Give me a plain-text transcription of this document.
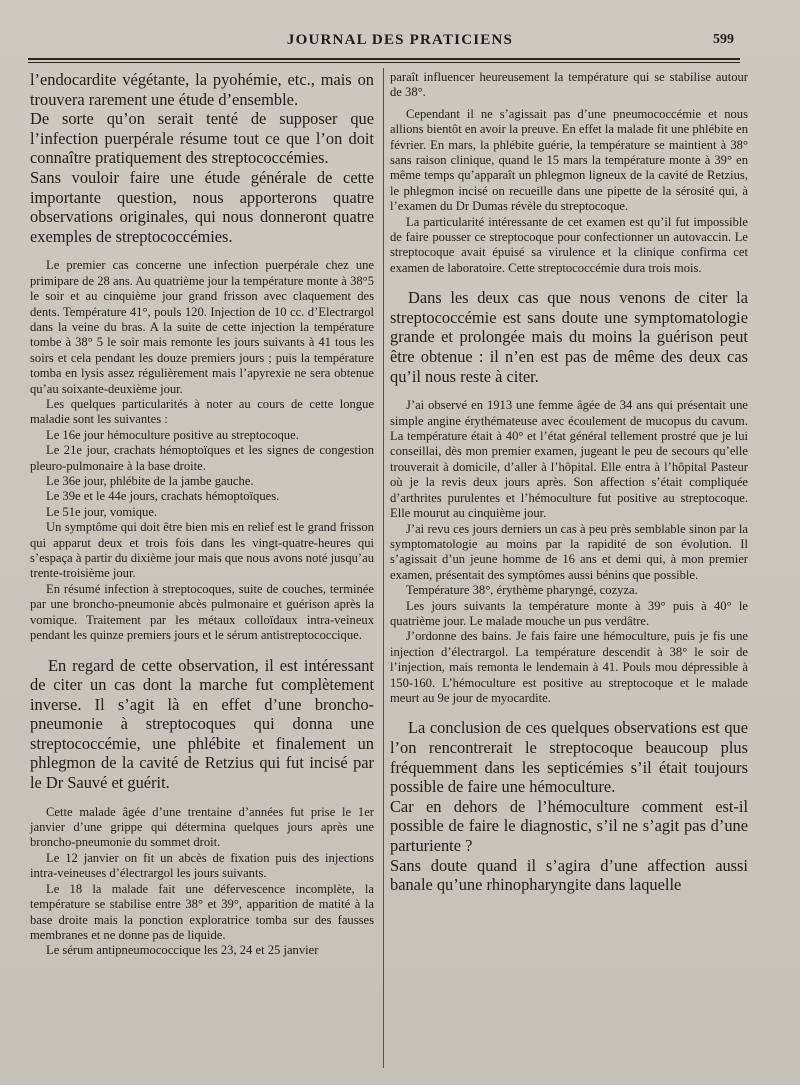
JOURNAL DES PRATICIENS	599

l’endocardite végétante, la pyohémie, etc., mais on trouvera rarement une étude d’ensemble.

De sorte qu’on serait tenté de supposer que l’infection puerpérale résume tout ce que l’on doit connaître pratiquement des streptococcémies.

Sans vouloir faire une étude générale de cette importante question, nous apporterons quatre observations originales, qui nous donneront quatre exemples de streptococcémies.

Le premier cas concerne une infection puerpérale chez une primipare de 28 ans. Au quatrième jour la température monte à 38°5 le soir et au cinquième jour grand frisson avec claquement des dents. Température 41°, pouls 120. Injection de 10 cc. d’Electrargol dans la veine du bras. A la suite de cette injection la température tombe à 38° 5 le soir mais remonte les jours suivants à 41 tous les soirs et cela pendant les douze premiers jours ; puis la température tomba en lysis assez régulièrement mais l’apyrexie ne sera obtenue qu’au soixante-deuxième jour.

Les quelques particularités à noter au cours de cette longue maladie sont les suivantes :

Le 16e jour hémoculture positive au streptocoque.

Le 21e jour, crachats hémoptoïques et les signes de congestion pleuro-pulmonaire à la base droite.

Le 36e jour, phlébite de la jambe gauche.

Le 39e et le 44e jours, crachats hémoptoïques.

Le 51e jour, vomique.

Un symptôme qui doit être bien mis en relief est le grand frisson qui apparut deux et trois fois dans les vingt-quatre-heures qui s’espaça à partir du dixième jour mais que nous avons noté jusqu’au trente-troisième jour.

En résumé infection à streptocoques, suite de couches, terminée par une broncho-pneumonie abcès pulmonaire et guérison après la vomique. Traitement par les métaux colloïdaux intra-veineux pendant les quinze premiers jours et le sérum antistreptococcique.

En regard de cette observation, il est intéressant de citer un cas dont la marche fut complètement inverse. Il s’agit là en effet d’une broncho-pneumonie à streptocoques qui donna une streptococcémie, une phlébite et finalement un phlegmon de la cavité de Retzius qui fut incisé par le Dr Sauvé et guérit.

Cette malade âgée d’une trentaine d’années fut prise le 1er janvier d’une grippe qui détermina quelques jours après une broncho-pneumonie du sommet droit.

Le 12 janvier on fit un abcès de fixation puis des injections intra-veineuses d’électrargol les jours suivants.

Le 18 la malade fait une défervescence incomplète, la température se stabilise entre 38° et 39°, apparition de matité à la base droite mais la ponction exploratrice tomba sur des fausses membranes et ne donne pas de liquide.

Le sérum antipneumococcique les 23, 24 et 25 janvier

paraît influencer heureusement la température qui se stabilise autour de 38°.

Cependant il ne s’agissait pas d’une pneumococcémie et nous allions bientôt en avoir la preuve. En effet la malade fit une phlébite en février. En mars, la phlébite guérie, la température se maintient à 38° sans raison clinique, quand le 15 mars la température monte à 39° en même temps qu’apparaît un phlegmon ligneux de la cavité de Retzius, le phlegmon incisé on recueille dans une pipette de la sérosité qui, à l’examen du Dr Dumas révèle du streptocoque.

La particularité intéressante de cet examen est qu’il fut impossible de faire pousser ce streptocoque pour confectionner un autovaccin. Le streptocoque avait épuisé sa virulence et la clinique confirma cet examen de laboratoire. Cette streptococcémie dura trois mois.

Dans les deux cas que nous venons de citer la streptococcémie est sans doute une symptomatologie grande et prolongée mais du moins la guérison peut être obtenue : il n’en est pas de même des deux cas qu’il nous reste à citer.

J’ai observé en 1913 une femme âgée de 34 ans qui présentait une simple angine érythémateuse avec écoulement de mucopus du cavum. La température était à 40° et l’état général tellement prostré que je lui conseillai, dès mon premier examen, jugeant le peu de secours qu’elle trouverait à domicile, d’aller à l’hôpital. Elle entra à l’hôpital Pasteur où je la revis deux jours après. Son affection s’était compliquée d’arthrites purulentes et l’hémoculture fut positive au streptocoque. Elle mourut au cinquième jour.

J’ai revu ces jours derniers un cas à peu près semblable sinon par la symptomatologie au moins par la rapidité de son évolution. Il s’agissait d’un jeune homme de 16 ans et demi qui, à mon premier examen, présentait des symptômes aussi bénins que possible.

Température 38°, érythème pharyngé, cozyza.

Les jours suivants la température monte à 39° puis à 40° le quatrième jour. Le malade mouche un pus verdâtre.

J’ordonne des bains. Je fais faire une hémoculture, puis je fis une injection d’électrargol. La température descendit à 38° le soir de l’injection, mais remonta le lendemain à 41. Pouls mou dépressible à 150-160. L’hémoculture est positive au streptocoque et le malade meurt au 9e jour de myocardite.

La conclusion de ces quelques observations est que l’on rencontrerait le streptocoque beaucoup plus fréquemment dans les septicémies s’il était toujours possible de faire une hémoculture.

Car en dehors de l’hémoculture comment est-il possible de faire le diagnostic, s’il ne s’agit pas d’une parturiente ?

Sans doute quand il s’agira d’une affection aussi banale qu’une rhinopharyngite dans laquelle
